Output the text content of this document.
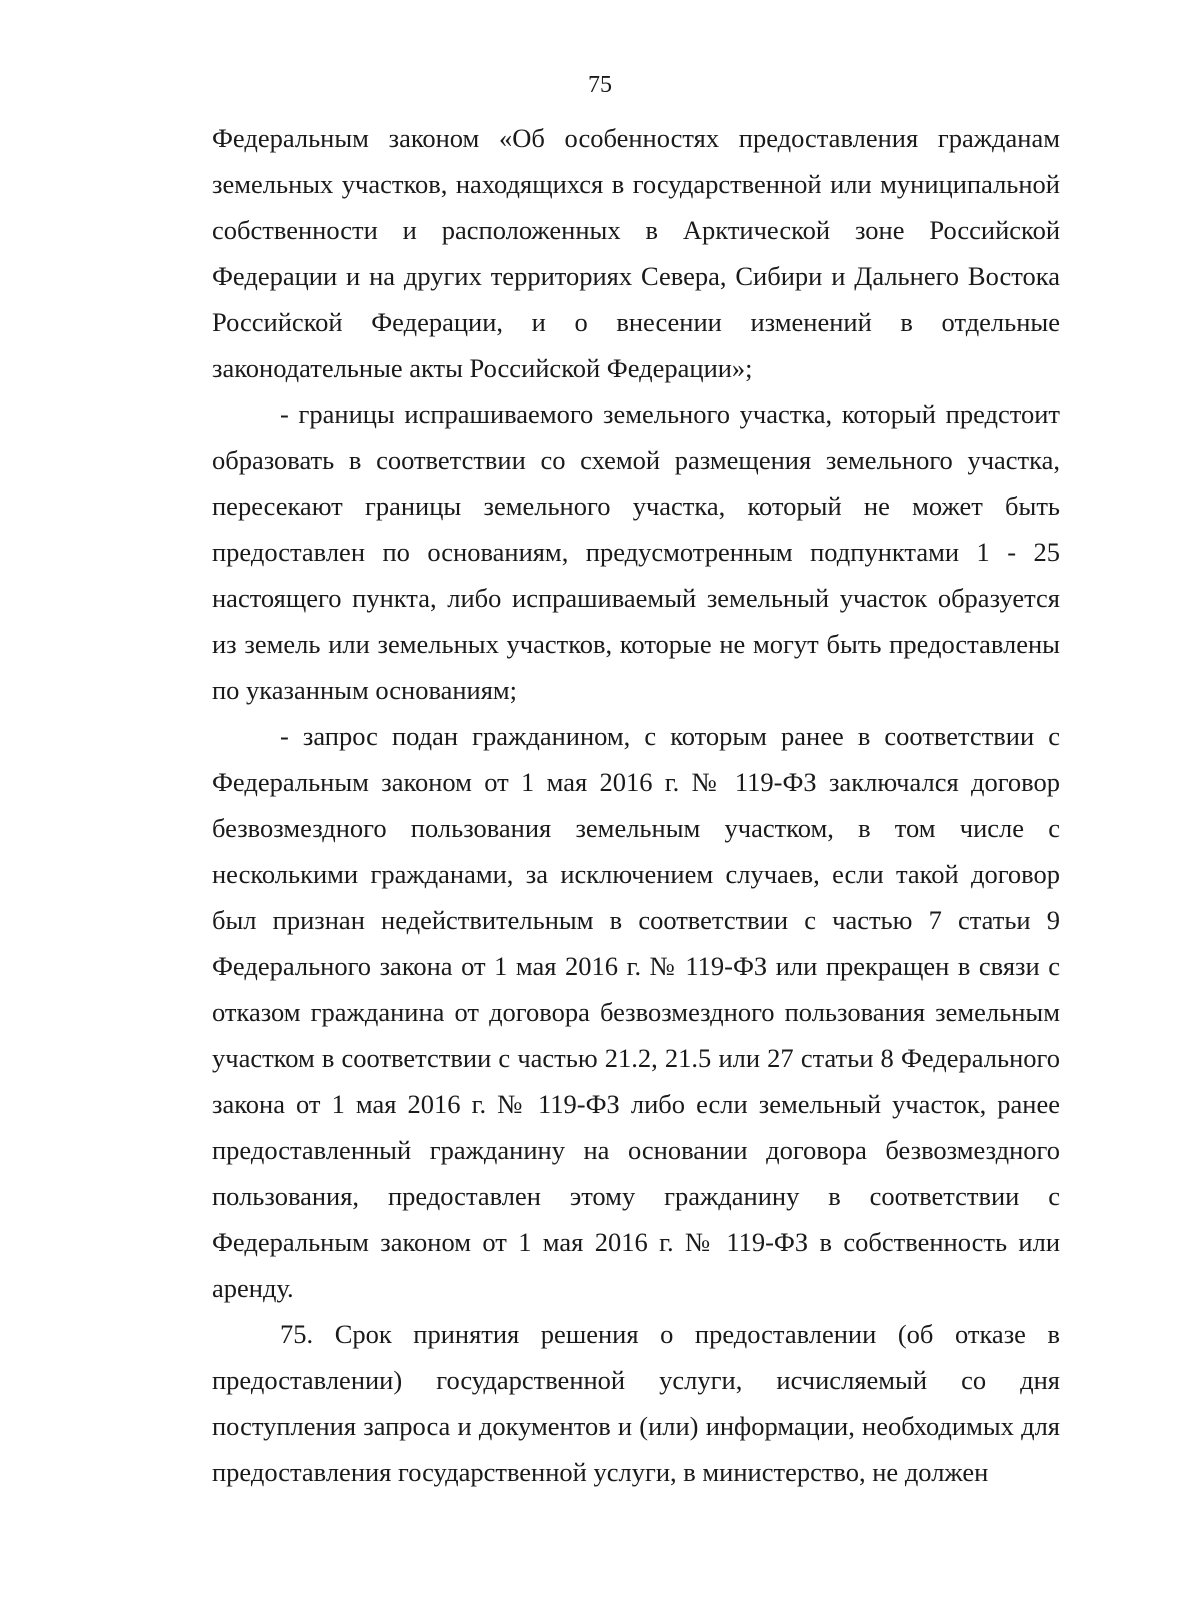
75

Федеральным законом «Об особенностях предоставления гражданам земельных участков, находящихся в государственной или муниципальной собственности и расположенных в Арктической зоне Российской Федерации и на других территориях Севера, Сибири и Дальнего Востока Российской Федерации, и о внесении изменений в отдельные законодательные акты Российской Федерации»;

- границы испрашиваемого земельного участка, который предстоит образовать в соответствии со схемой размещения земельного участка, пересекают границы земельного участка, который не может быть предоставлен по основаниям, предусмотренным подпунктами 1 - 25 настоящего пункта, либо испрашиваемый земельный участок образуется из земель или земельных участков, которые не могут быть предоставлены по указанным основаниям;

- запрос подан гражданином, с которым ранее в соответствии с Федеральным законом от 1 мая 2016 г. № 119-ФЗ заключался договор безвозмездного пользования земельным участком, в том числе с несколькими гражданами, за исключением случаев, если такой договор был признан недействительным в соответствии с частью 7 статьи 9 Федерального закона от 1 мая 2016 г. № 119-ФЗ или прекращен в связи с отказом гражданина от договора безвозмездного пользования земельным участком в соответствии с частью 21.2, 21.5 или 27 статьи 8 Федерального закона от 1 мая 2016 г. № 119-ФЗ либо если земельный участок, ранее предоставленный гражданину на основании договора безвозмездного пользования, предоставлен этому гражданину в соответствии с Федеральным законом от 1 мая 2016 г. № 119-ФЗ в собственность или аренду.

75. Срок принятия решения о предоставлении (об отказе в предоставлении) государственной услуги, исчисляемый со дня поступления запроса и документов и (или) информации, необходимых для предоставления государственной услуги, в министерство, не должен
